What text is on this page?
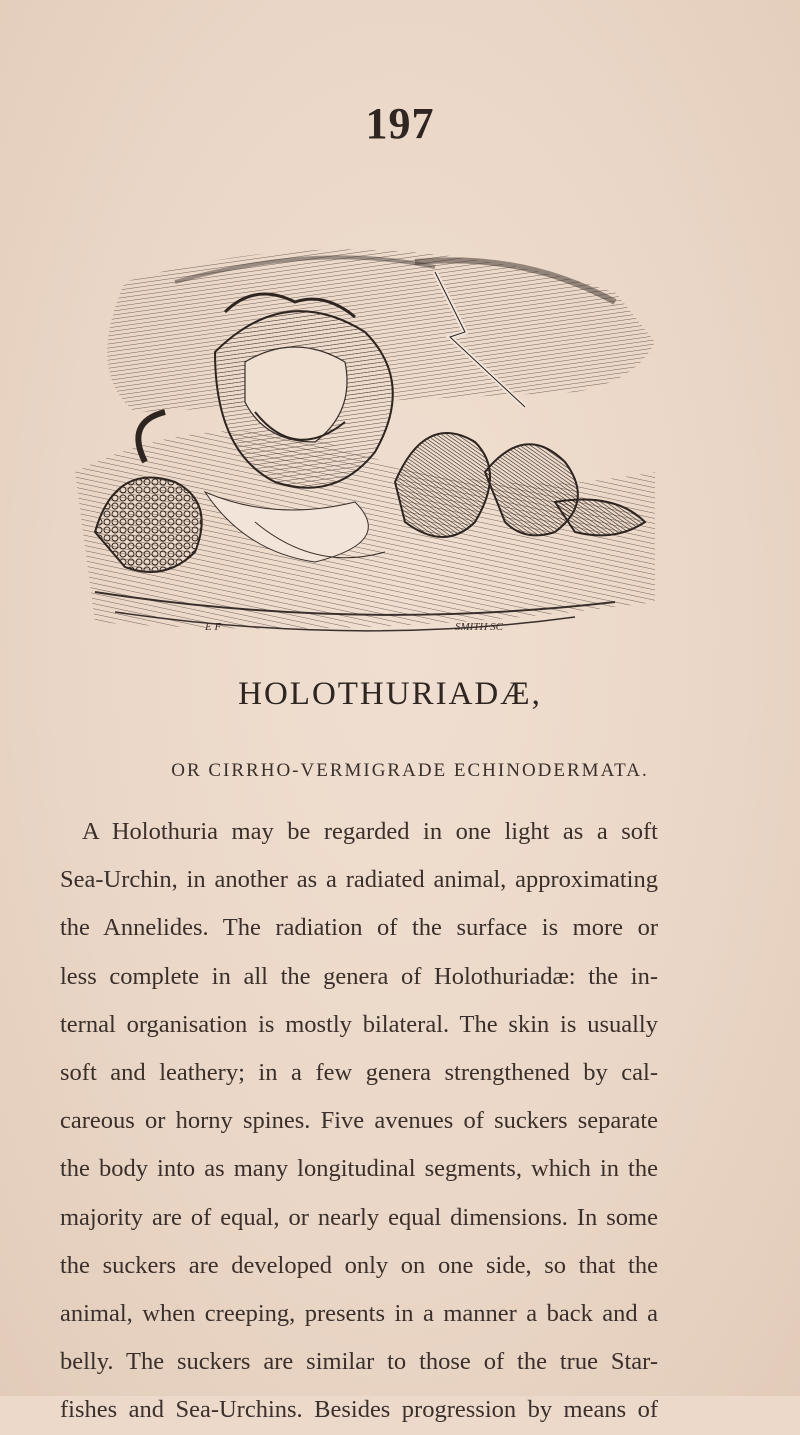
197
E F	SMITH SC
HOLOTHURIADÆ,
OR CIRRHO-VERMIGRADE ECHINODERMATA.
A Holothuria may be regarded in one light as a soft
Sea-Urchin, in another as a radiated animal, approximating
the Annelides. The radiation of the surface is more or
less complete in all the genera of Holothuriadæ: the in-
ternal organisation is mostly bilateral. The skin is usually
soft and leathery; in a few genera strengthened by cal-
careous or horny spines. Five avenues of suckers separate
the body into as many longitudinal segments, which in the
majority are of equal, or nearly equal dimensions. In some
the suckers are developed only on one side, so that the
animal, when creeping, presents in a manner a back and a
belly. The suckers are similar to those of the true Star-
fishes and Sea-Urchins. Besides progression by means of
